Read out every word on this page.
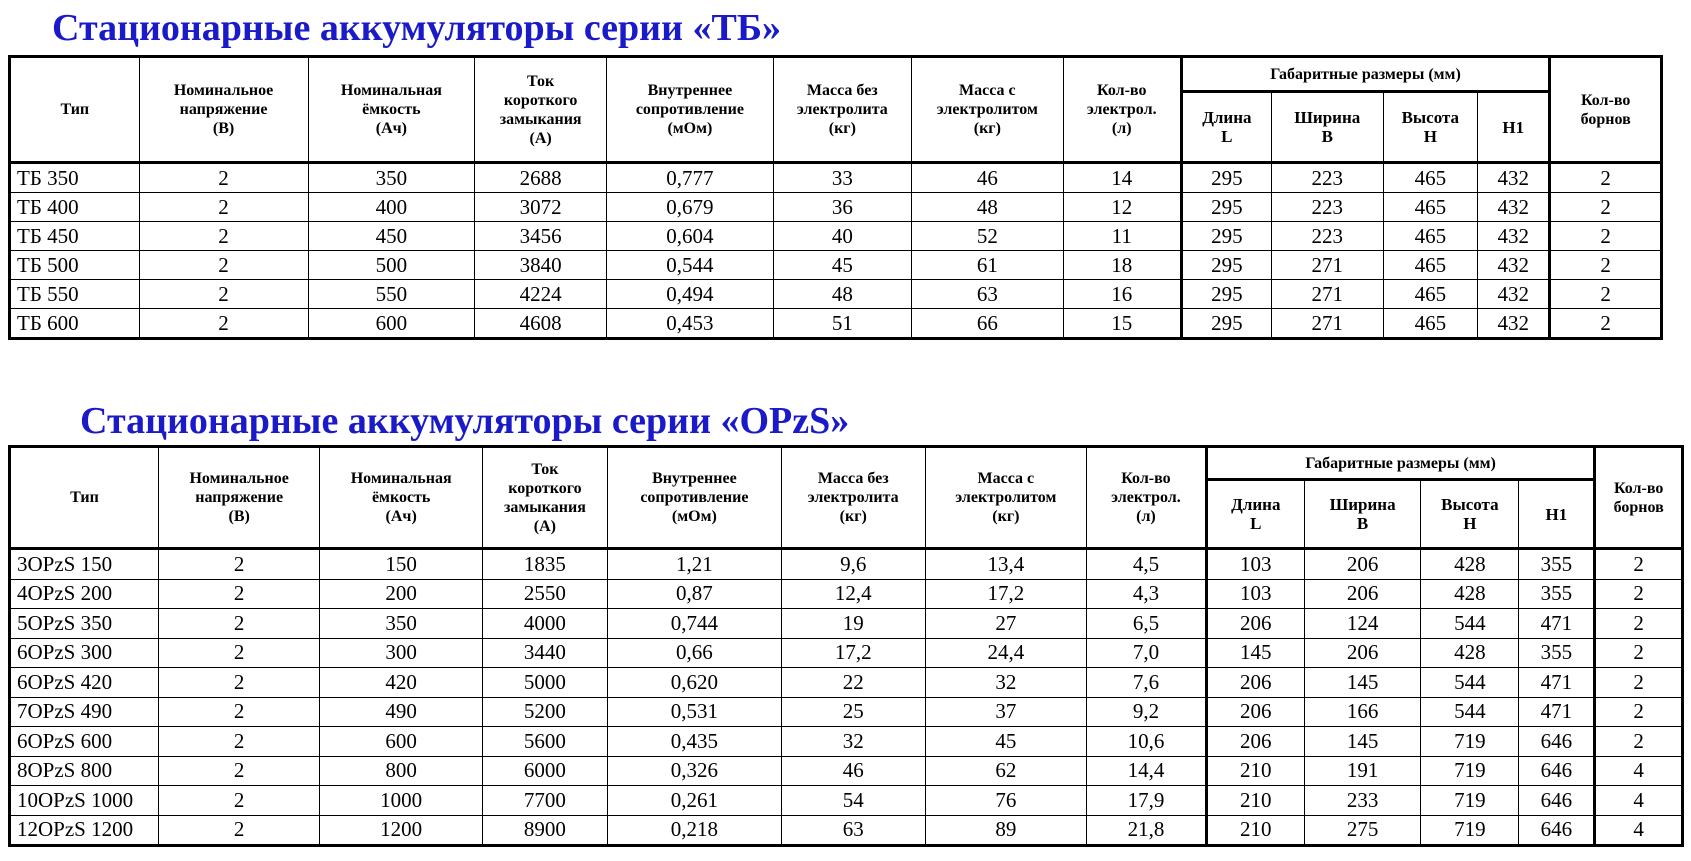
Стационарные аккумуляторы серии «ТБ»
Тип	Номинальное
напряжение
(В)	Номинальная
ёмкость
(Ач)	Ток
короткого
замыкания
(А)	Внутреннее
сопротивление
(мОм)	Масса без
электролита
(кг)	Масса с
электролитом
(кг)	Кол-во
электрол.
(л)	Габаритные размеры (мм)				Кол-во
борнов
								Длина
L	Ширина
B	Высота
H	H1	
ТБ 350	2	350	2688	0,777	33	46	14	295	223	465	432	2
ТБ 400	2	400	3072	0,679	36	48	12	295	223	465	432	2
ТБ 450	2	450	3456	0,604	40	52	11	295	223	465	432	2
ТБ 500	2	500	3840	0,544	45	61	18	295	271	465	432	2
ТБ 550	2	550	4224	0,494	48	63	16	295	271	465	432	2
ТБ 600	2	600	4608	0,453	51	66	15	295	271	465	432	2
Стационарные аккумуляторы серии «OPzS»
Тип	Номинальное
напряжение
(В)	Номинальная
ёмкость
(Ач)	Ток
короткого
замыкания
(А)	Внутреннее
сопротивление
(мОм)	Масса без
электролита
(кг)	Масса с
электролитом
(кг)	Кол-во
электрол.
(л)	Габаритные размеры (мм)				Кол-во
борнов
								Длина
L	Ширина
B	Высота
H	H1	
3OPzS 150	2	150	1835	1,21	9,6	13,4	4,5	103	206	428	355	2
4OPzS 200	2	200	2550	0,87	12,4	17,2	4,3	103	206	428	355	2
5OPzS 350	2	350	4000	0,744	19	27	6,5	206	124	544	471	2
6OPzS 300	2	300	3440	0,66	17,2	24,4	7,0	145	206	428	355	2
6OPzS 420	2	420	5000	0,620	22	32	7,6	206	145	544	471	2
7OPzS 490	2	490	5200	0,531	25	37	9,2	206	166	544	471	2
6OPzS 600	2	600	5600	0,435	32	45	10,6	206	145	719	646	2
8OPzS 800	2	800	6000	0,326	46	62	14,4	210	191	719	646	4
10OPzS 1000	2	1000	7700	0,261	54	76	17,9	210	233	719	646	4
12OPzS 1200	2	1200	8900	0,218	63	89	21,8	210	275	719	646	4
